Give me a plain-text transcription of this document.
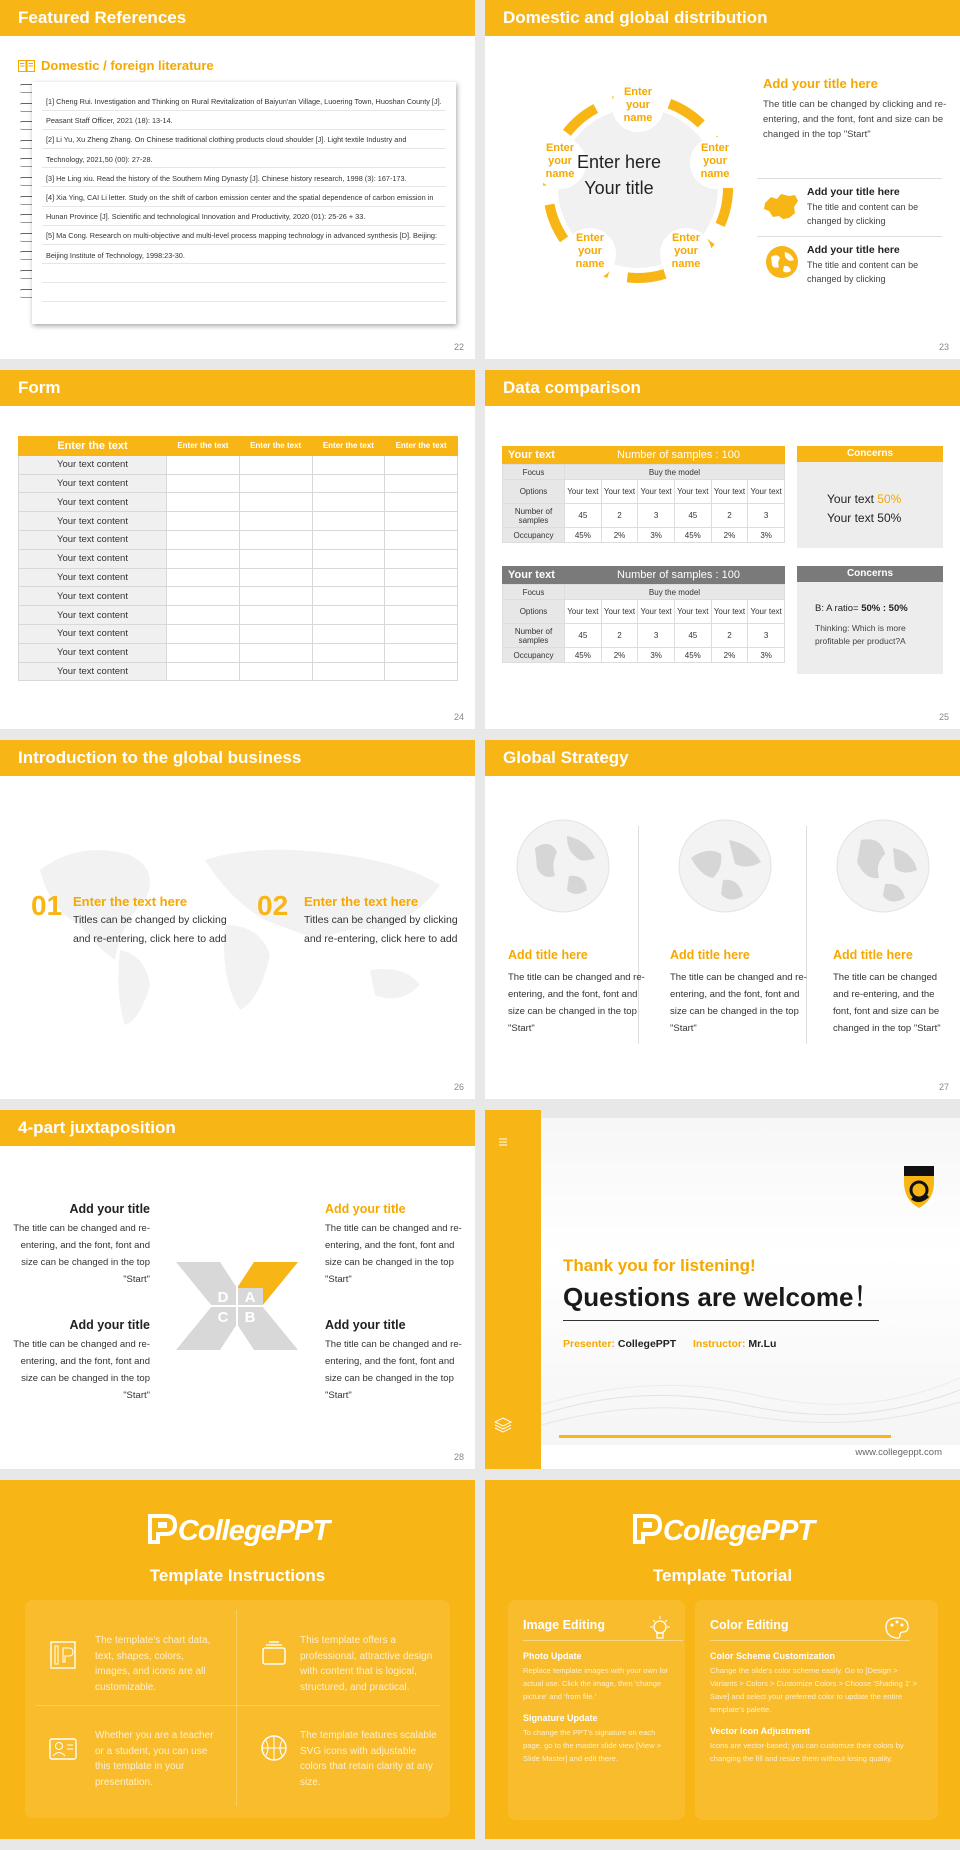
Featured References
Domestic / foreign literature
[1] Cheng Rui. Investigation and Thinking on Rural Revitalization of Baiyun'an Village, Luoering Town, Huoshan County [J]. Peasant Staff Officer, 2021 (18): 13-14.
[2] Li Yu, Xu Zheng Zhang. On Chinese traditional clothing products cloud shoulder [J]. Light textile Industry and Technology, 2021,50 (00): 27-28.
[3] He Ling xiu. Read the history of the Southern Ming Dynasty [J]. Chinese history research, 1998 (3): 167-173.
[4] Xia Ying, CAI Li letter. Study on the shift of carbon emission center and the spatial dependence of carbon emission in Hunan Province [J]. Scientific and technological Innovation and Productivity, 2020 (01): 25-26 + 33.
[5] Ma Cong. Research on multi-objective and multi-level process mapping technology in advanced synthesis [D]. Beijing: Beijing Institute of Technology, 1998:23-30.
22
Domestic and global distribution
Enter here
Your title
Enter your name
Enter your name
Enter your name
Enter your name
Enter your name
Add your title here

The title can be changed by clicking and re-entering, and the font, font and size can be changed in the top "Start"

Add your title here

The title and content can be changed by clicking

Add your title here

The title and content can be changed by clicking

23
Form
24
Enter the text	Enter the text	Enter the text	Enter the text	Enter the text
Your text content				
Your text content				
Your text content				
Your text content				
Your text content				
Your text content				
Your text content				
Your text content				
Your text content				
Your text content				
Your text content				
Your text content				
Data comparison
25
Your text	Number of samples : 100
Focus	Buy the model					
Options	Your text	Your text	Your text	Your text	Your text	Your text
Number of samples	45	2	3	45	2	3
Occupancy	45%	2%	3%	45%	2%	3%
Your text	Number of samples : 100
Focus	Buy the model					
Options	Your text	Your text	Your text	Your text	Your text	Your text
Number of samples	45	2	3	45	2	3
Occupancy	45%	2%	3%	45%	2%	3%
Concerns
Your text 50%
Your text 50%
Concerns
B: A ratio= 50% : 50%
Thinking: Which is more profitable per product?A
Introduction to the global business
26
01 Enter the text here
Titles can be changed by clicking and re-entering, click here to add
02 Enter the text here
Titles can be changed by clicking and re-entering, click here to add
Global Strategy
27
Add title here

The title can be changed and re-entering, and the font, font and size can be changed in the top "Start"

Add title here

The title can be changed and re-entering, and the font, font and size can be changed in the top "Start"

Add title here

The title can be changed and re-entering, and the font, font and size can be changed in the top "Start"

4-part juxtaposition
D A
C B
Add your title

The title can be changed and re-entering, and the font, font and size can be changed in the top "Start"

Add your title

The title can be changed and re-entering, and the font, font and size can be changed in the top "Start"

Add your title

The title can be changed and re-entering, and the font, font and size can be changed in the top "Start"

Add your title

The title can be changed and re-entering, and the font, font and size can be changed in the top "Start"

28
Thank you for listening!
Questions are welcome！
Presenter: CollegePPT Instructor: Mr.Lu
www.collegeppt.com
CollegePPT
Template Instructions
The template's chart data, text, shapes, colors, images, and icons are all customizable.
This template offers a professional, attractive design with content that is logical, structured, and practical.
Whether you are a teacher or a student, you can use this template in your presentation.
The template features scalable SVG icons with adjustable colors that retain clarity at any size.
CollegePPT
Template Tutorial
Image Editing
Photo Update

Replace template images with your own for actual use. Click the image, then 'change picture' and 'from file.'

Signature Update

To change the PPT's signature on each page, go to the master slide view [View > Slide Master] and edit there.

Color Editing
Color Scheme Customization

Change the slide's color scheme easily. Go to [Design > Variants > Colors > Customize Colors > Choose 'Shading 1' > Save] and select your preferred color to update the entire template's palette.

Vector Icon Adjustment

Icons are vector-based; you can customize their colors by changing the fill and resize them without losing quality.
